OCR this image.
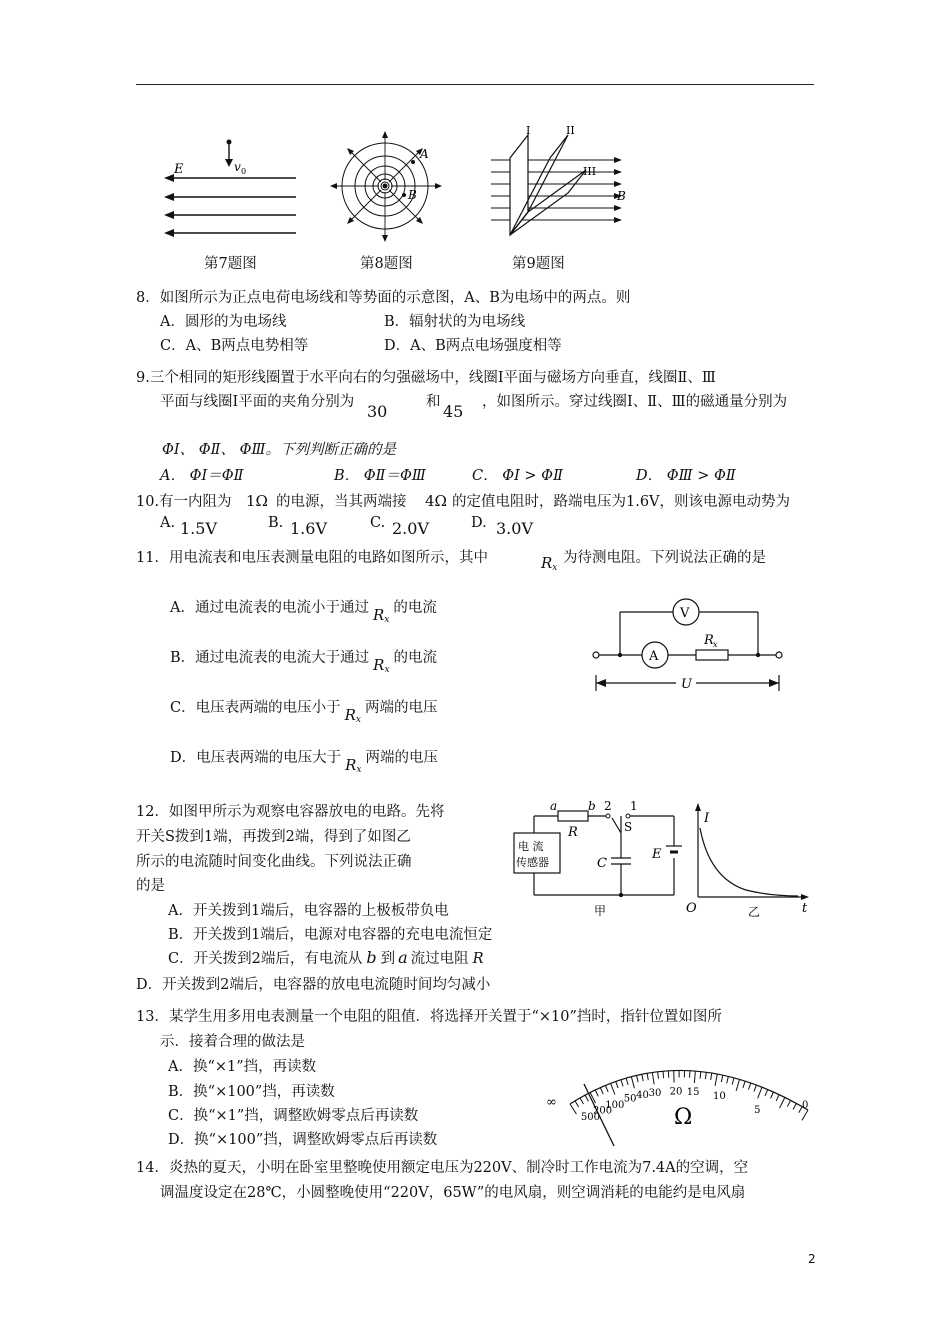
E	v 0
第7题图
A
B
第8题图
I	II
III
B
第9题图
8．如图所示为正点电荷电场线和等势面的示意图，A、B为电场中的两点。则
A．圆形的为电场线	B．辐射状的为电场线
C．A、B两点电势相等	D．A、B两点电场强度相等
9.三个相同的矩形线圈置于水平向右的匀强磁场中，线圈Ⅰ平面与磁场方向垂直，线圈Ⅱ、Ⅲ
平面与线圈Ⅰ平面的夹角分别为 30	和 45 ，如图所示。穿过线圈Ⅰ、Ⅱ、Ⅲ的磁通量分别为
ΦⅠ、 ΦⅡ、 ΦⅢ。下列判断正确的是
A． ΦⅠ＝ΦⅡ	B． ΦⅡ＝ΦⅢ	C． ΦⅠ > ΦⅡ	D． ΦⅢ > ΦⅡ
10.有一内阻为 1Ω 的电源，当其两端接 4Ω 的定值电阻时，路端电压为1.6V，则该电源电动势为
A. 1.5V	B. 1.6V	C. 2.0V	D. 3.0V
11．用电流表和电压表测量电阻的电路如图所示，其中	$R_x$
为待测电阻。下列说法正确的是
A．通过电流表的电流小于通过 $R_x$的电流
B．通过电流表的电流大于通过 $R_x$的电流
C．电压表两端的电压小于 $R_x$两端的电压
D．电压表两端的电压大于 $R_x$两端的电压
V
A
R x
U
12．如图甲所示为观察电容器放电的电路。先将
开关S拨到1端，再拨到2端，得到了如图乙
所示的电流随时间变化曲线。下列说法正确
的是
A．开关拨到1端后，电容器的上极板带负电
B．开关拨到1端后，电源对电容器的充电电流恒定
C．开关拨到2端后，有电流从 b 到 a 流过电阻 R
D．开关拨到2端后，电容器的放电电流随时间均匀减小
a	b 2 1
S
R
C
E
电 流
传感器
甲
I
O	乙	t
13．某学生用多用电表测量一个电阻的阻值．将选择开关置于“×10”挡时，指针位置如图所
示．接着合理的做法是
A．换“×1”挡，再读数
B．换“×100”挡，再读数
C．换“×1”挡，调整欧姆零点后再读数
D．换“×100”挡，调整欧姆零点后再读数
Ω
∞
500
200
100
50 40 30 20 15 10
5	0
14．炎热的夏天，小明在卧室里整晚使用额定电压为220V、制冷时工作电流为7.4A的空调，空
调温度设定在28℃，小圆整晚使用“220V，65W”的电风扇，则空调消耗的电能约是电风扇
2
